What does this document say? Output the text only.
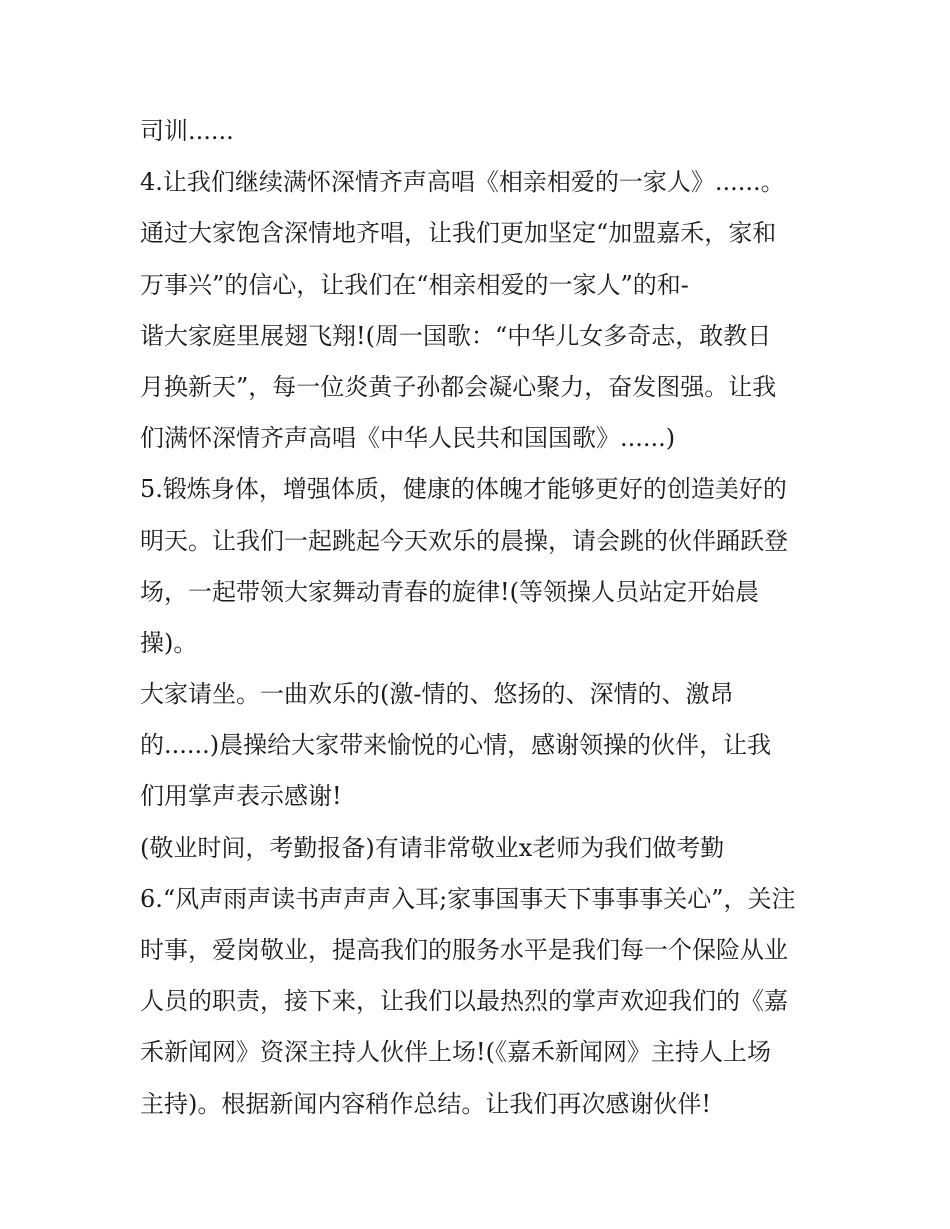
司训......
4.让我们继续满怀深情齐声高唱《相亲相爱的一家人》......。
通过大家饱含深情地齐唱，让我们更加坚定“加盟嘉禾，家和
万事兴”的信心，让我们在“相亲相爱的一家人”的和-
谐大家庭里展翅飞翔!(周一国歌：“中华儿女多奇志，敢教日
月换新天”，每一位炎黄子孙都会凝心聚力，奋发图强。让我
们满怀深情齐声高唱《中华人民共和国国歌》......)
5.锻炼身体，增强体质，健康的体魄才能够更好的创造美好的
明天。让我们一起跳起今天欢乐的晨操，请会跳的伙伴踊跃登
场，一起带领大家舞动青春的旋律!(等领操人员站定开始晨
操)。
大家请坐。一曲欢乐的(激-情的、悠扬的、深情的、激昂
的......)晨操给大家带来愉悦的心情，感谢领操的伙伴，让我
们用掌声表示感谢!
(敬业时间，考勤报备)有请非常敬业x老师为我们做考勤
6.“风声雨声读书声声声入耳;家事国事天下事事事关心”，关注
时事，爱岗敬业，提高我们的服务水平是我们每一个保险从业
人员的职责，接下来，让我们以最热烈的掌声欢迎我们的《嘉
禾新闻网》资深主持人伙伴上场!(《嘉禾新闻网》主持人上场
主持)。根据新闻内容稍作总结。让我们再次感谢伙伴!
